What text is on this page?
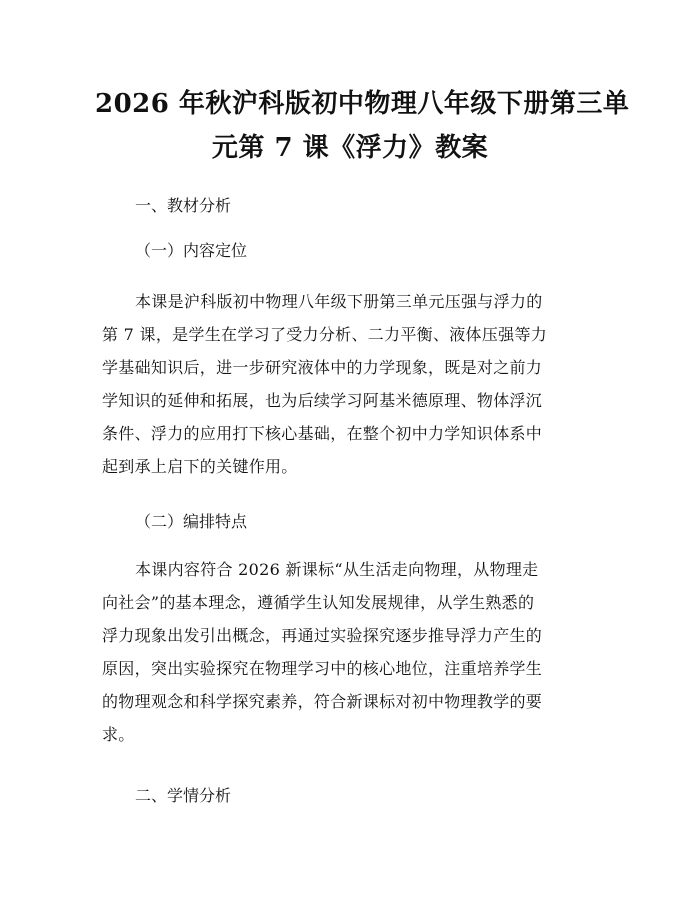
2026 年秋沪科版初中物理八年级下册第三单
元第 7 课《浮力》教案
一、教材分析
（一）内容定位
本课是沪科版初中物理八年级下册第三单元压强与浮力的
第 7 课，是学生在学习了受力分析、二力平衡、液体压强等力
学基础知识后，进一步研究液体中的力学现象，既是对之前力
学知识的延伸和拓展，也为后续学习阿基米德原理、物体浮沉
条件、浮力的应用打下核心基础，在整个初中力学知识体系中
起到承上启下的关键作用。
（二）编排特点
本课内容符合 2026 新课标“从生活走向物理，从物理走
向社会”的基本理念，遵循学生认知发展规律，从学生熟悉的
浮力现象出发引出概念，再通过实验探究逐步推导浮力产生的
原因，突出实验探究在物理学习中的核心地位，注重培养学生
的物理观念和科学探究素养，符合新课标对初中物理教学的要
求。
二、学情分析
